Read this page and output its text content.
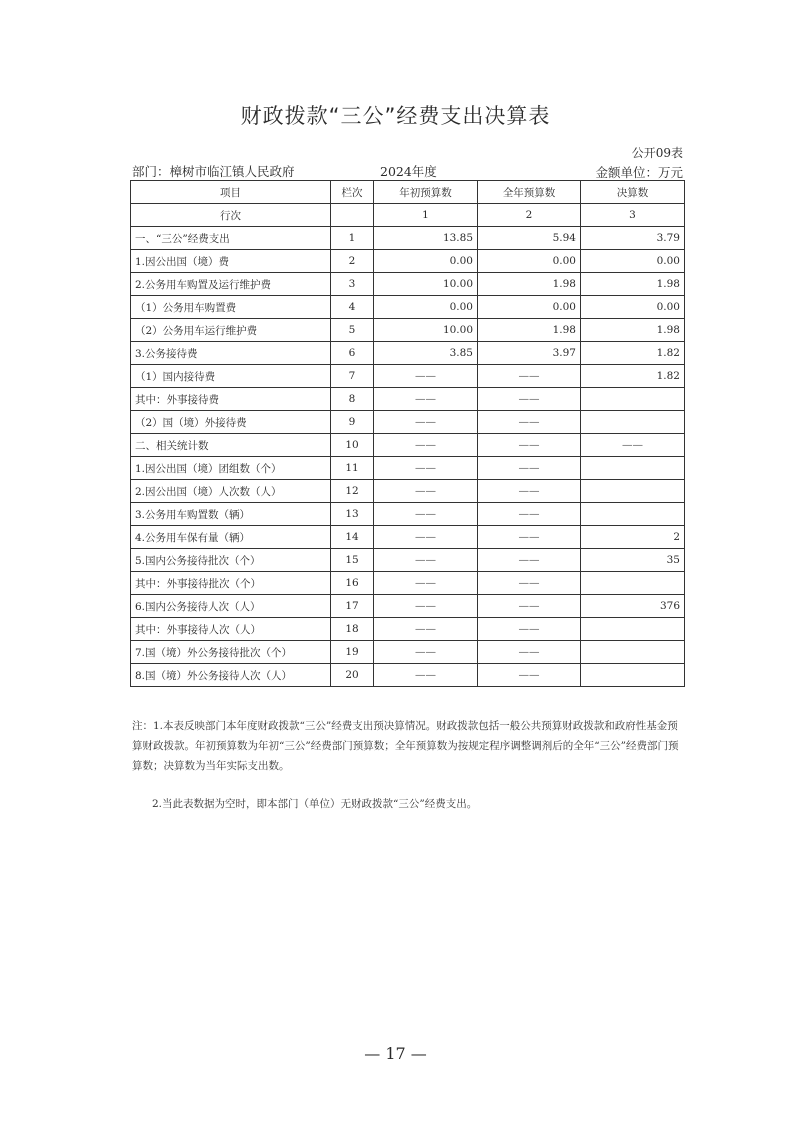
财政拨款“三公”经费支出决算表
公开09表
部门：樟树市临江镇人民政府	2024年度	金额单位：万元
项目	栏次	年初预算数	全年预算数	决算数
行次		1	2	3
一、“三公”经费支出	1	13.85	5.94	3.79
1.因公出国（境）费	2	0.00	0.00	0.00
2.公务用车购置及运行维护费	3	10.00	1.98	1.98
（1）公务用车购置费	4	0.00	0.00	0.00
（2）公务用车运行维护费	5	10.00	1.98	1.98
3.公务接待费	6	3.85	3.97	1.82
（1）国内接待费	7	——	——	1.82
其中：外事接待费	8	——	——	
（2）国（境）外接待费	9	——	——	
二、相关统计数	10	——	——	——
1.因公出国（境）团组数（个）	11	——	——	
2.因公出国（境）人次数（人）	12	——	——	
3.公务用车购置数（辆）	13	——	——	
4.公务用车保有量（辆）	14	——	——	2
5.国内公务接待批次（个）	15	——	——	35
其中：外事接待批次（个）	16	——	——	
6.国内公务接待人次（人）	17	——	——	376
其中：外事接待人次（人）	18	——	——	
7.国（境）外公务接待批次（个）	19	——	——	
8.国（境）外公务接待人次（人）	20	——	——	
注：1.本表反映部门本年度财政拨款“三公”经费支出预决算情况。财政拨款包括一般公共预算财政拨款和政府性基金预算财政拨款。年初预算数为年初“三公”经费部门预算数；全年预算数为按规定程序调整调剂后的全年“三公”经费部门预算数；决算数为当年实际支出数。
2.当此表数据为空时，即本部门（单位）无财政拨款“三公”经费支出。
— 17 —
